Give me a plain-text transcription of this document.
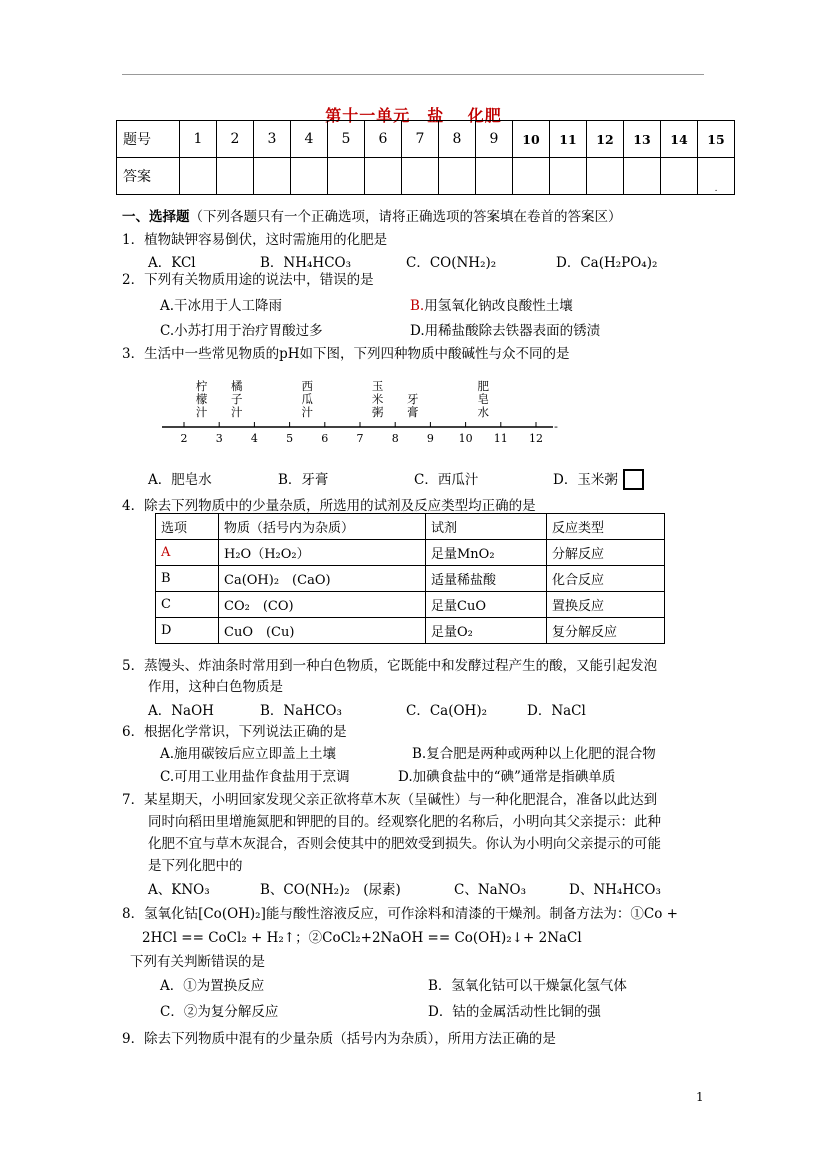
第十一单元　盐　 化肥
题号	1	2	3	4	5	6	7	8	9	10	11	12	13	14	15
答案															.
一、选择题（下列各题只有一个正确选项，请将正确选项的答案填在卷首的答案区）
1．植物缺钾容易倒伏，这时需施用的化肥是
A．KCl	B．NH₄HCO₃	C．CO(NH₂)₂	D．Ca(H₂PO₄)₂
2．下列有关物质用途的说法中，错误的是
A.干冰用于人工降雨	B.用氢氧化钠改良酸性土壤
C.小苏打用于治疗胃酸过多	D.用稀盐酸除去铁器表面的锈渍
3．生活中一些常见物质的pH如下图，下列四种物质中酸碱性与众不同的是
-
2	3	4	5	6	7	8	9 10 11 12
柠
檬
汁
橘
子
汁
西
瓜
汁
玉
米
粥
牙
膏
肥
皂
水
A．肥皂水	B．牙膏	C．西瓜汁	D．玉米粥
4．除去下列物质中的少量杂质，所选用的试剂及反应类型均正确的是
选项	物质（括号内为杂质）	试剂	反应类型
A	H₂O（H₂O₂）	足量MnO₂	分解反应
B	Ca(OH)₂　(CaO)	适量稀盐酸	化合反应
C	CO₂　(CO)	足量CuO	置换反应
D	CuO　(Cu)	足量O₂	复分解反应
5．蒸馒头、炸油条时常用到一种白色物质，它既能中和发酵过程产生的酸，又能引起发泡
作用，这种白色物质是
A．NaOH	B．NaHCO₃	C．Ca(OH)₂	D．NaCl
6．根据化学常识，下列说法正确的是
A.施用碳铵后应立即盖上土壤	B.复合肥是两种或两种以上化肥的混合物
C.可用工业用盐作食盐用于烹调	D.加碘食盐中的“碘”通常是指碘单质
7．某星期天，小明回家发现父亲正欲将草木灰（呈碱性）与一种化肥混合，准备以此达到
同时向稻田里增施氮肥和钾肥的目的。经观察化肥的名称后，小明向其父亲提示：此种
化肥不宜与草木灰混合，否则会使其中的肥效受到损失。你认为小明向父亲提示的可能
是下列化肥中的
A、KNO₃	B、CO(NH₂)₂　(尿素)	C、NaNO₃	D、NH₄HCO₃
8．氢氧化钴[Co(OH)₂]能与酸性溶液反应，可作涂料和清漆的干燥剂。制备方法为：①Co +
2HCl == CoCl₂ + H₂↑；②CoCl₂+2NaOH == Co(OH)₂↓+ 2NaCl
下列有关判断错误的是
A．①为置换反应	B．氢氧化钴可以干燥氯化氢气体
C．②为复分解反应	D．钴的金属活动性比铜的强
9．除去下列物质中混有的少量杂质（括号内为杂质），所用方法正确的是
1
